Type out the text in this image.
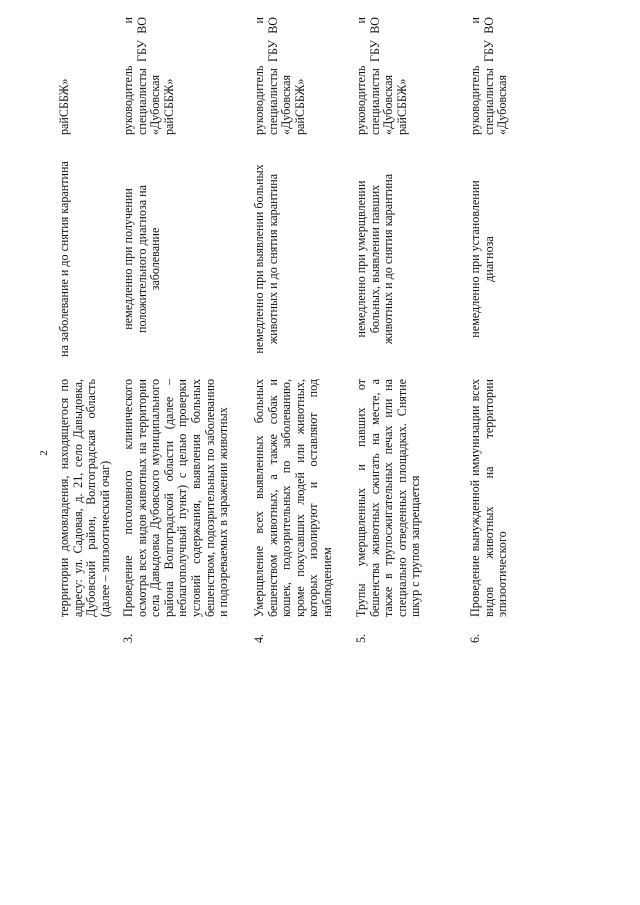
2 территории домовладения, находящегося по адресу: ул. Садовая, д. 21, село Давыдовка, Дубовский район, Волгоградская область (далее – эпизоотический очаг)
на заболевание и до снятия карантина
райСББЖ»
3.
Проведение поголовного клинического осмотра всех видов животных на территории села Давыдовка Дубовского муниципального района Волгоградской области (далее – неблагополучный пункт) с целью проверки условий содержания, выявления больных бешенством, подозрительных по заболеванию и подозреваемых в заражении животных
немедленно при получении положительного диагноза на заболевание
руководитель и специалисты ГБУ ВО «Дубовская райСББЖ»
4.
Умерщвление всех выявленных больных бешенством животных, а также собак и кошек, подозрительных по заболеванию, кроме покусавших людей или животных, которых изолируют и оставляют под наблюдением
немедленно при выявлении больных животных и до снятия карантина
руководитель и специалисты ГБУ ВО «Дубовская райСББЖ»
5.
Трупы умерщвленных и павших от бешенства животных сжигать на месте, а также в трупосжигательных печах или на специально отведенных площадках. Снятие шкур с трупов запрещается
немедленно при умерщвлении больных, выявлении павших животных и до снятия карантина
руководитель и специалисты ГБУ ВО «Дубовская райСББЖ»
6.
Проведение вынужденной иммунизации всех видов животных на территории эпизоотического
немедленно при установлении диагноза
руководитель и специалисты ГБУ ВО «Дубовская
